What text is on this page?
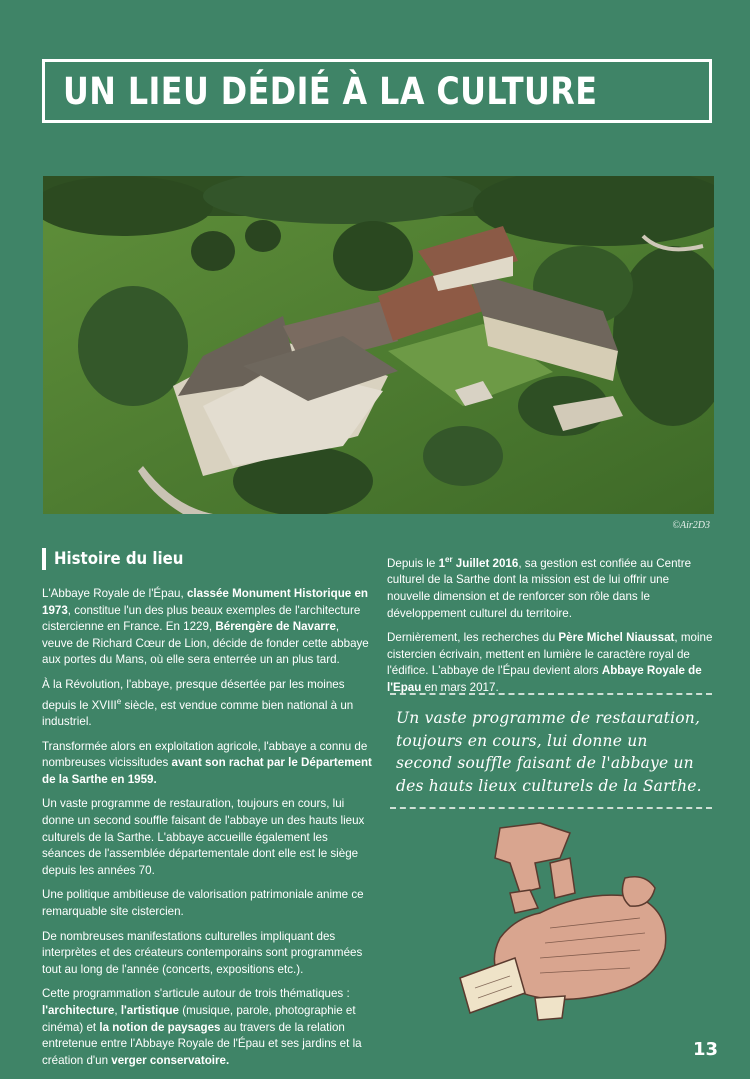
UN LIEU DÉDIÉ À LA CULTURE
©Air2D3
Histoire du lieu

L'Abbaye Royale de l'Épau, classée Monument Historique en 1973, constitue l'un des plus beaux exemples de l'architecture cistercienne en France. En 1229, Bérengère de Navarre, veuve de Richard Cœur de Lion, décide de fonder cette abbaye aux portes du Mans, où elle sera enterrée un an plus tard.

À la Révolution, l'abbaye, presque désertée par les moines depuis le XVIIIe siècle, est vendue comme bien national à un industriel.

Transformée alors en exploitation agricole, l'abbaye a connu de nombreuses vicissitudes avant son rachat par le Département de la Sarthe en 1959.

Un vaste programme de restauration, toujours en cours, lui donne un second souffle faisant de l'abbaye un des hauts lieux culturels de la Sarthe. L'abbaye accueille également les séances de l'assemblée départementale dont elle est le siège depuis les années 70.

Une politique ambitieuse de valorisation patrimoniale anime ce remarquable site cistercien.

De nombreuses manifestations culturelles impliquant des interprètes et des créateurs contemporains sont programmées tout au long de l'année (concerts, expositions etc.).

Cette programmation s'articule autour de trois thématiques : l'architecture, l'artistique (musique, parole, photographie et cinéma) et la notion de paysages au travers de la relation entretenue entre l'Abbaye Royale de l'Épau et ses jardins et la création d'un verger conservatoire.

Depuis le 1er Juillet 2016, sa gestion est confiée au Centre culturel de la Sarthe dont la mission est de lui offrir une nouvelle dimension et de renforcer son rôle dans le développement culturel du territoire.

Dernièrement, les recherches du Père Michel Niaussat, moine cistercien écrivain, mettent en lumière le caractère royal de l'édifice. L'abbaye de l'Épau devient alors Abbaye Royale de l'Epau en mars 2017.

Un vaste programme de restauration, toujours en cours, lui donne un second souffle faisant de l'abbaye un des hauts lieux culturels de la Sarthe.
13
